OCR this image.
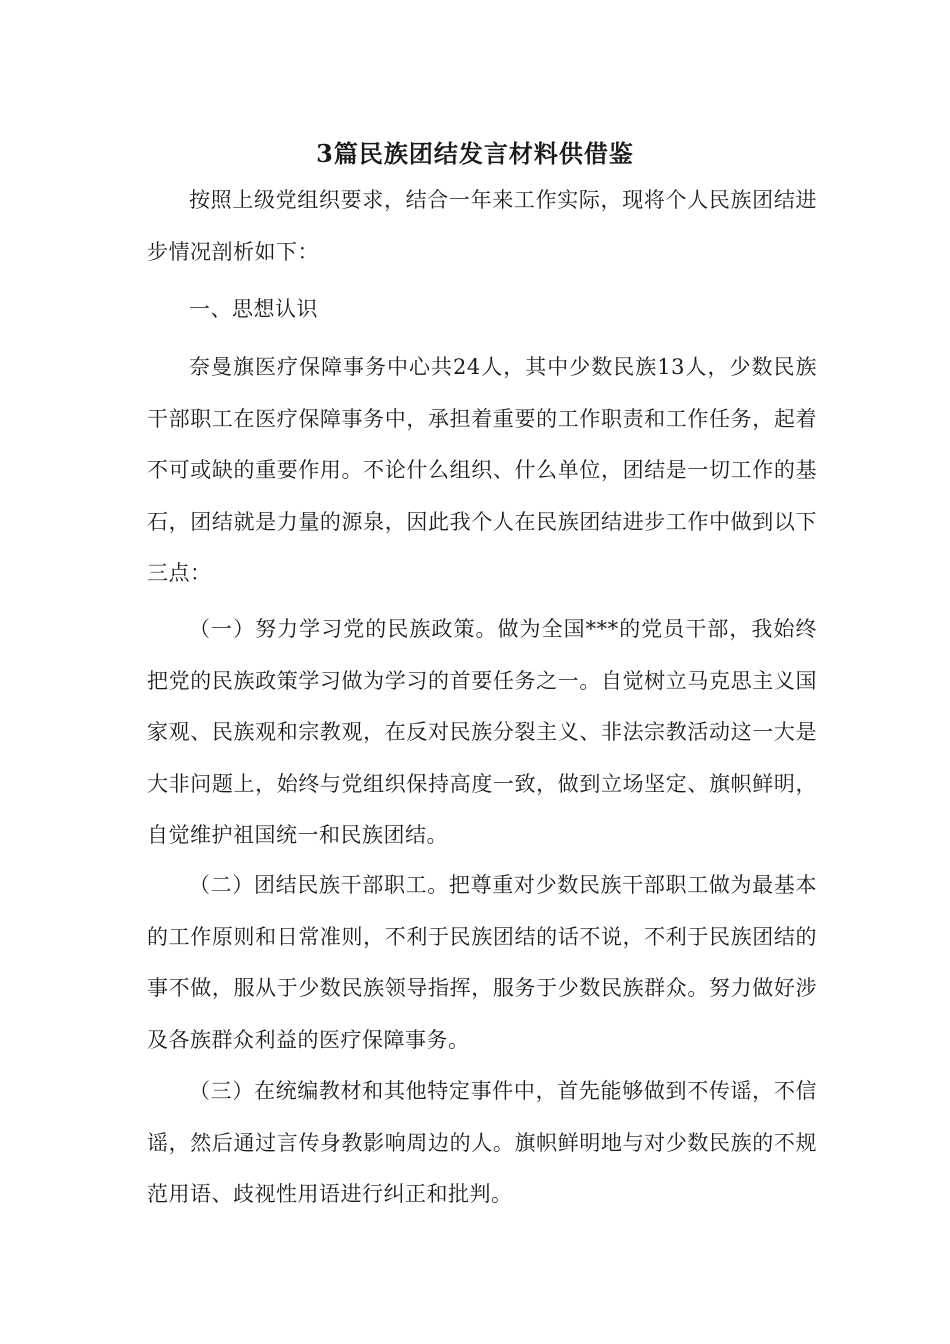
3篇民族团结发言材料供借鉴

按照上级党组织要求，结合一年来工作实际，现将个人民族团结进步情况剖析如下：

一、思想认识

奈曼旗医疗保障事务中心共24人，其中少数民族13人，少数民族干部职工在医疗保障事务中，承担着重要的工作职责和工作任务，起着不可或缺的重要作用。不论什么组织、什么单位，团结是一切工作的基石，团结就是力量的源泉，因此我个人在民族团结进步工作中做到以下三点：

（一）努力学习党的民族政策。做为全国***的党员干部，我始终把党的民族政策学习做为学习的首要任务之一。自觉树立马克思主义国家观、民族观和宗教观，在反对民族分裂主义、非法宗教活动这一大是大非问题上，始终与党组织保持高度一致，做到立场坚定、旗帜鲜明，自觉维护祖国统一和民族团结。

（二）团结民族干部职工。把尊重对少数民族干部职工做为最基本的工作原则和日常准则，不利于民族团结的话不说，不利于民族团结的事不做，服从于少数民族领导指挥，服务于少数民族群众。努力做好涉及各族群众利益的医疗保障事务。

（三）在统编教材和其他特定事件中，首先能够做到不传谣，不信谣，然后通过言传身教影响周边的人。旗帜鲜明地与对少数民族的不规范用语、歧视性用语进行纠正和批判。
